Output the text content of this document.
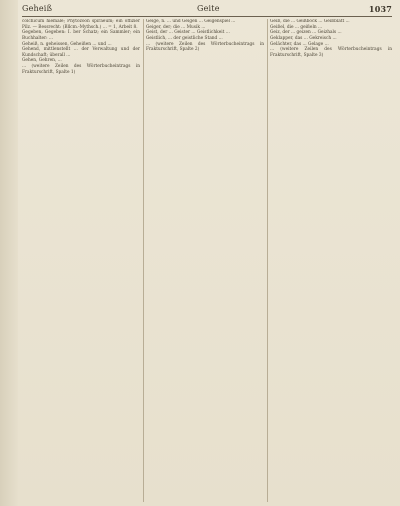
Geheiß	Geite	1037

colchicum hiemale; Phytozoon spiraeum; ein offizier Pilz. — Bessrecht: (Bllcm.-Mythsch.) ... = 1, Arbeit 8.

Gegeben, Gegeben: I. ber Schatz; ein Sammler; ein Buchhalter: ...

Geheiß, n. geheissen, Geheißen ... und ...

Gehend, mittlenstellt ... der Verwaltung und der Kundschaft; überall ...

Gehen, Gehren, ...

... (weitere Zeilen des Wörterbucheintrags in Frakturschrift, Spalte 1)

Geige, n. ... und Geigen ... Geigenspiel ...

Geiger, der; die ... Musik ...

Geist, der ... Geister ... Geistlichkeit ...

Geistlich, ... der geistliche Stand ...

... (weitere Zeilen des Wörterbucheintrags in Frakturschrift, Spalte 2)

Geiß, die ... Geißbock ... Geißblatt ...

Geißel, die ... geißeln ...

Geiz, der ... geizen ... Geizhals ...

Geklapper, das ... Gekreisch ...

Gelächter, das ... Gelage ...

... (weitere Zeilen des Wörterbucheintrags in Frakturschrift, Spalte 3)
